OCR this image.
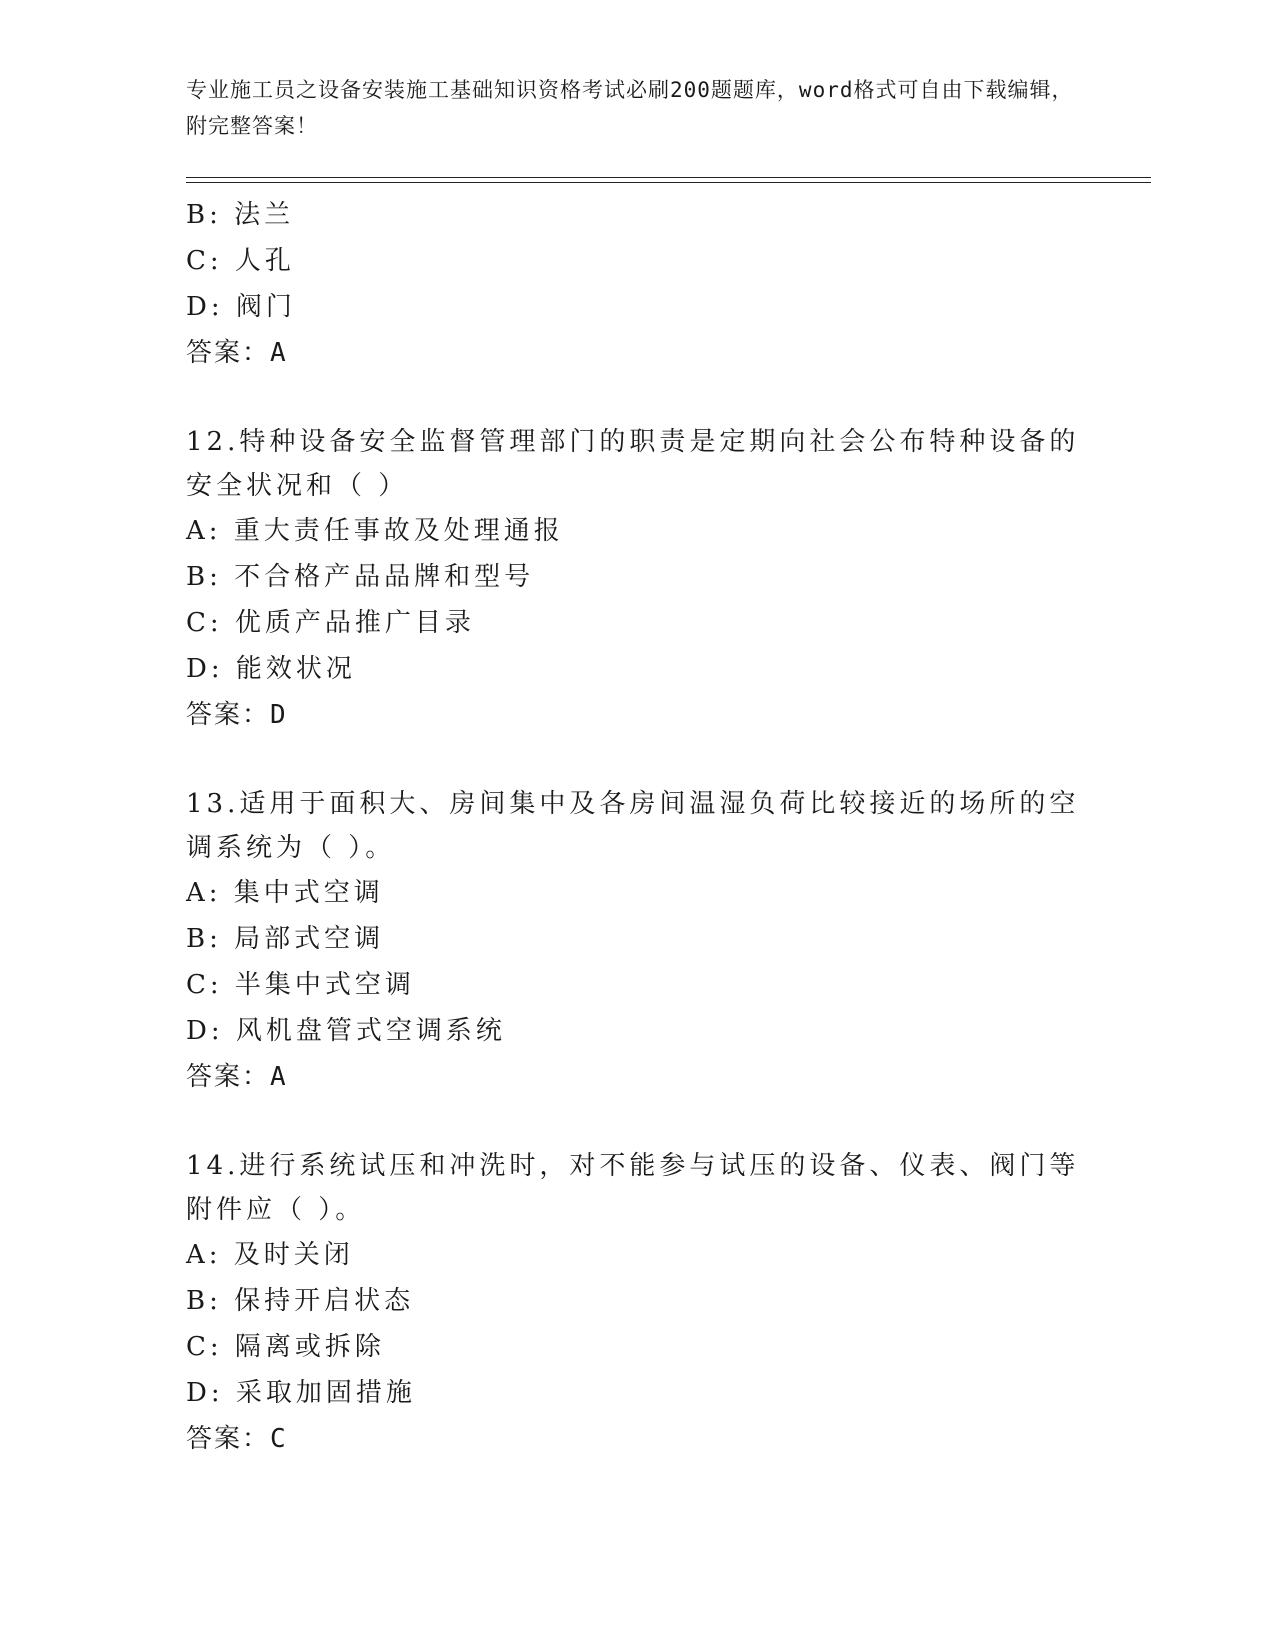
专业施工员之设备安装施工基础知识资格考试必刷200题题库，word格式可自由下载编辑，附完整答案！
B: 法兰
C: 人孔
D: 阀门
答案：A
12.特种设备安全监督管理部门的职责是定期向社会公布特种设备的安全状况和（ ）
A: 重大责任事故及处理通报
B: 不合格产品品牌和型号
C: 优质产品推广目录
D: 能效状况
答案：D
13.适用于面积大、房间集中及各房间温湿负荷比较接近的场所的空调系统为（ ）。
A: 集中式空调
B: 局部式空调
C: 半集中式空调
D: 风机盘管式空调系统
答案：A
14.进行系统试压和冲洗时，对不能参与试压的设备、仪表、阀门等附件应（ ）。
A: 及时关闭
B: 保持开启状态
C: 隔离或拆除
D: 采取加固措施
答案：C
